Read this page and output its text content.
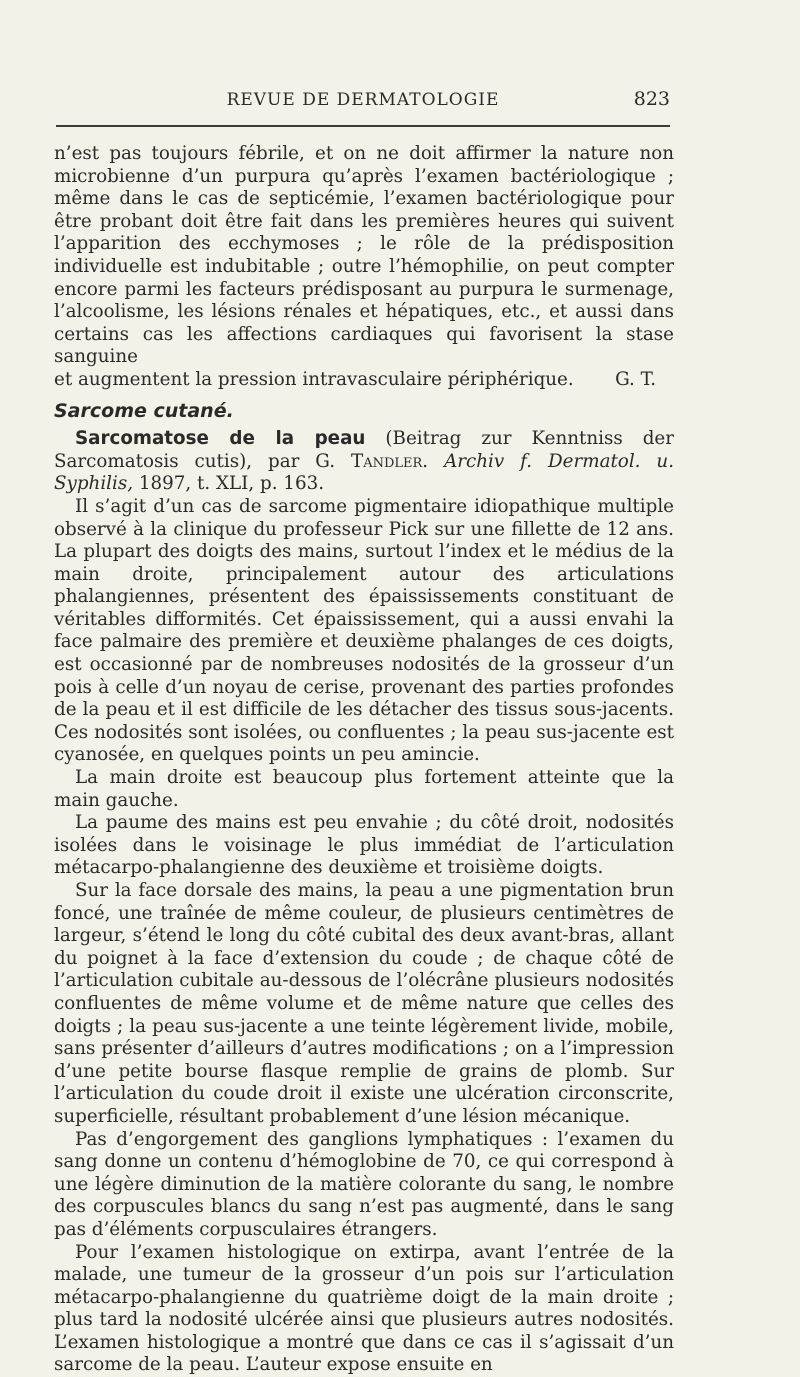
REVUE DE DERMATOLOGIE	823

n’est pas toujours fébrile, et on ne doit affirmer la nature non microbienne d’un purpura qu’après l’examen bactériologique ; même dans le cas de septicémie, l’examen bactériologique pour être probant doit être fait dans les premières heures qui suivent l’apparition des ecchymoses ; le rôle de la prédisposition individuelle est indubitable ; outre l’hémophilie, on peut compter encore parmi les facteurs prédisposant au purpura le surmenage, l’alcoolisme, les lésions rénales et hépatiques, etc., et aussi dans certains cas les affections cardiaques qui favorisent la stase sanguine

et augmentent la pression intravasculaire périphérique. G. T.

Sarcome cutané.

Sarcomatose de la peau (Beitrag zur Kenntniss der Sarcomatosis cutis), par G. Tandler. Archiv f. Dermatol. u. Syphilis, 1897, t. XLI, p. 163.

Il s’agit d’un cas de sarcome pigmentaire idiopathique multiple observé à la clinique du professeur Pick sur une fillette de 12 ans. La plupart des doigts des mains, surtout l’index et le médius de la main droite, principalement autour des articulations phalangiennes, présentent des épaississements constituant de véritables difformités. Cet épaississement, qui a aussi envahi la face palmaire des première et deuxième phalanges de ces doigts, est occasionné par de nombreuses nodosités de la grosseur d’un pois à celle d’un noyau de cerise, provenant des parties profondes de la peau et il est difficile de les détacher des tissus sous-jacents. Ces nodosités sont isolées, ou confluentes ; la peau sus-jacente est cyanosée, en quelques points un peu amincie.

La main droite est beaucoup plus fortement atteinte que la main gauche.

La paume des mains est peu envahie ; du côté droit, nodosités isolées dans le voisinage le plus immédiat de l’articulation métacarpo-phalangienne des deuxième et troisième doigts.

Sur la face dorsale des mains, la peau a une pigmentation brun foncé, une traînée de même couleur, de plusieurs centimètres de largeur, s’étend le long du côté cubital des deux avant-bras, allant du poignet à la face d’extension du coude ; de chaque côté de l’articulation cubitale au-dessous de l’olécrâne plusieurs nodosités confluentes de même volume et de même nature que celles des doigts ; la peau sus-jacente a une teinte légèrement livide, mobile, sans présenter d’ailleurs d’autres modifications ; on a l’impression d’une petite bourse flasque remplie de grains de plomb. Sur l’articulation du coude droit il existe une ulcération circonscrite, superficielle, résultant probablement d’une lésion mécanique.

Pas d’engorgement des ganglions lymphatiques : l’examen du sang donne un contenu d’hémoglobine de 70, ce qui correspond à une légère diminution de la matière colorante du sang, le nombre des corpuscules blancs du sang n’est pas augmenté, dans le sang pas d’éléments corpusculaires étrangers.

Pour l’examen histologique on extirpa, avant l’entrée de la malade, une tumeur de la grosseur d’un pois sur l’articulation métacarpo-phalangienne du quatrième doigt de la main droite ; plus tard la nodosité ulcérée ainsi que plusieurs autres nodosités. L’examen histologique a montré que dans ce cas il s’agissait d’un sarcome de la peau. L’auteur expose ensuite en
